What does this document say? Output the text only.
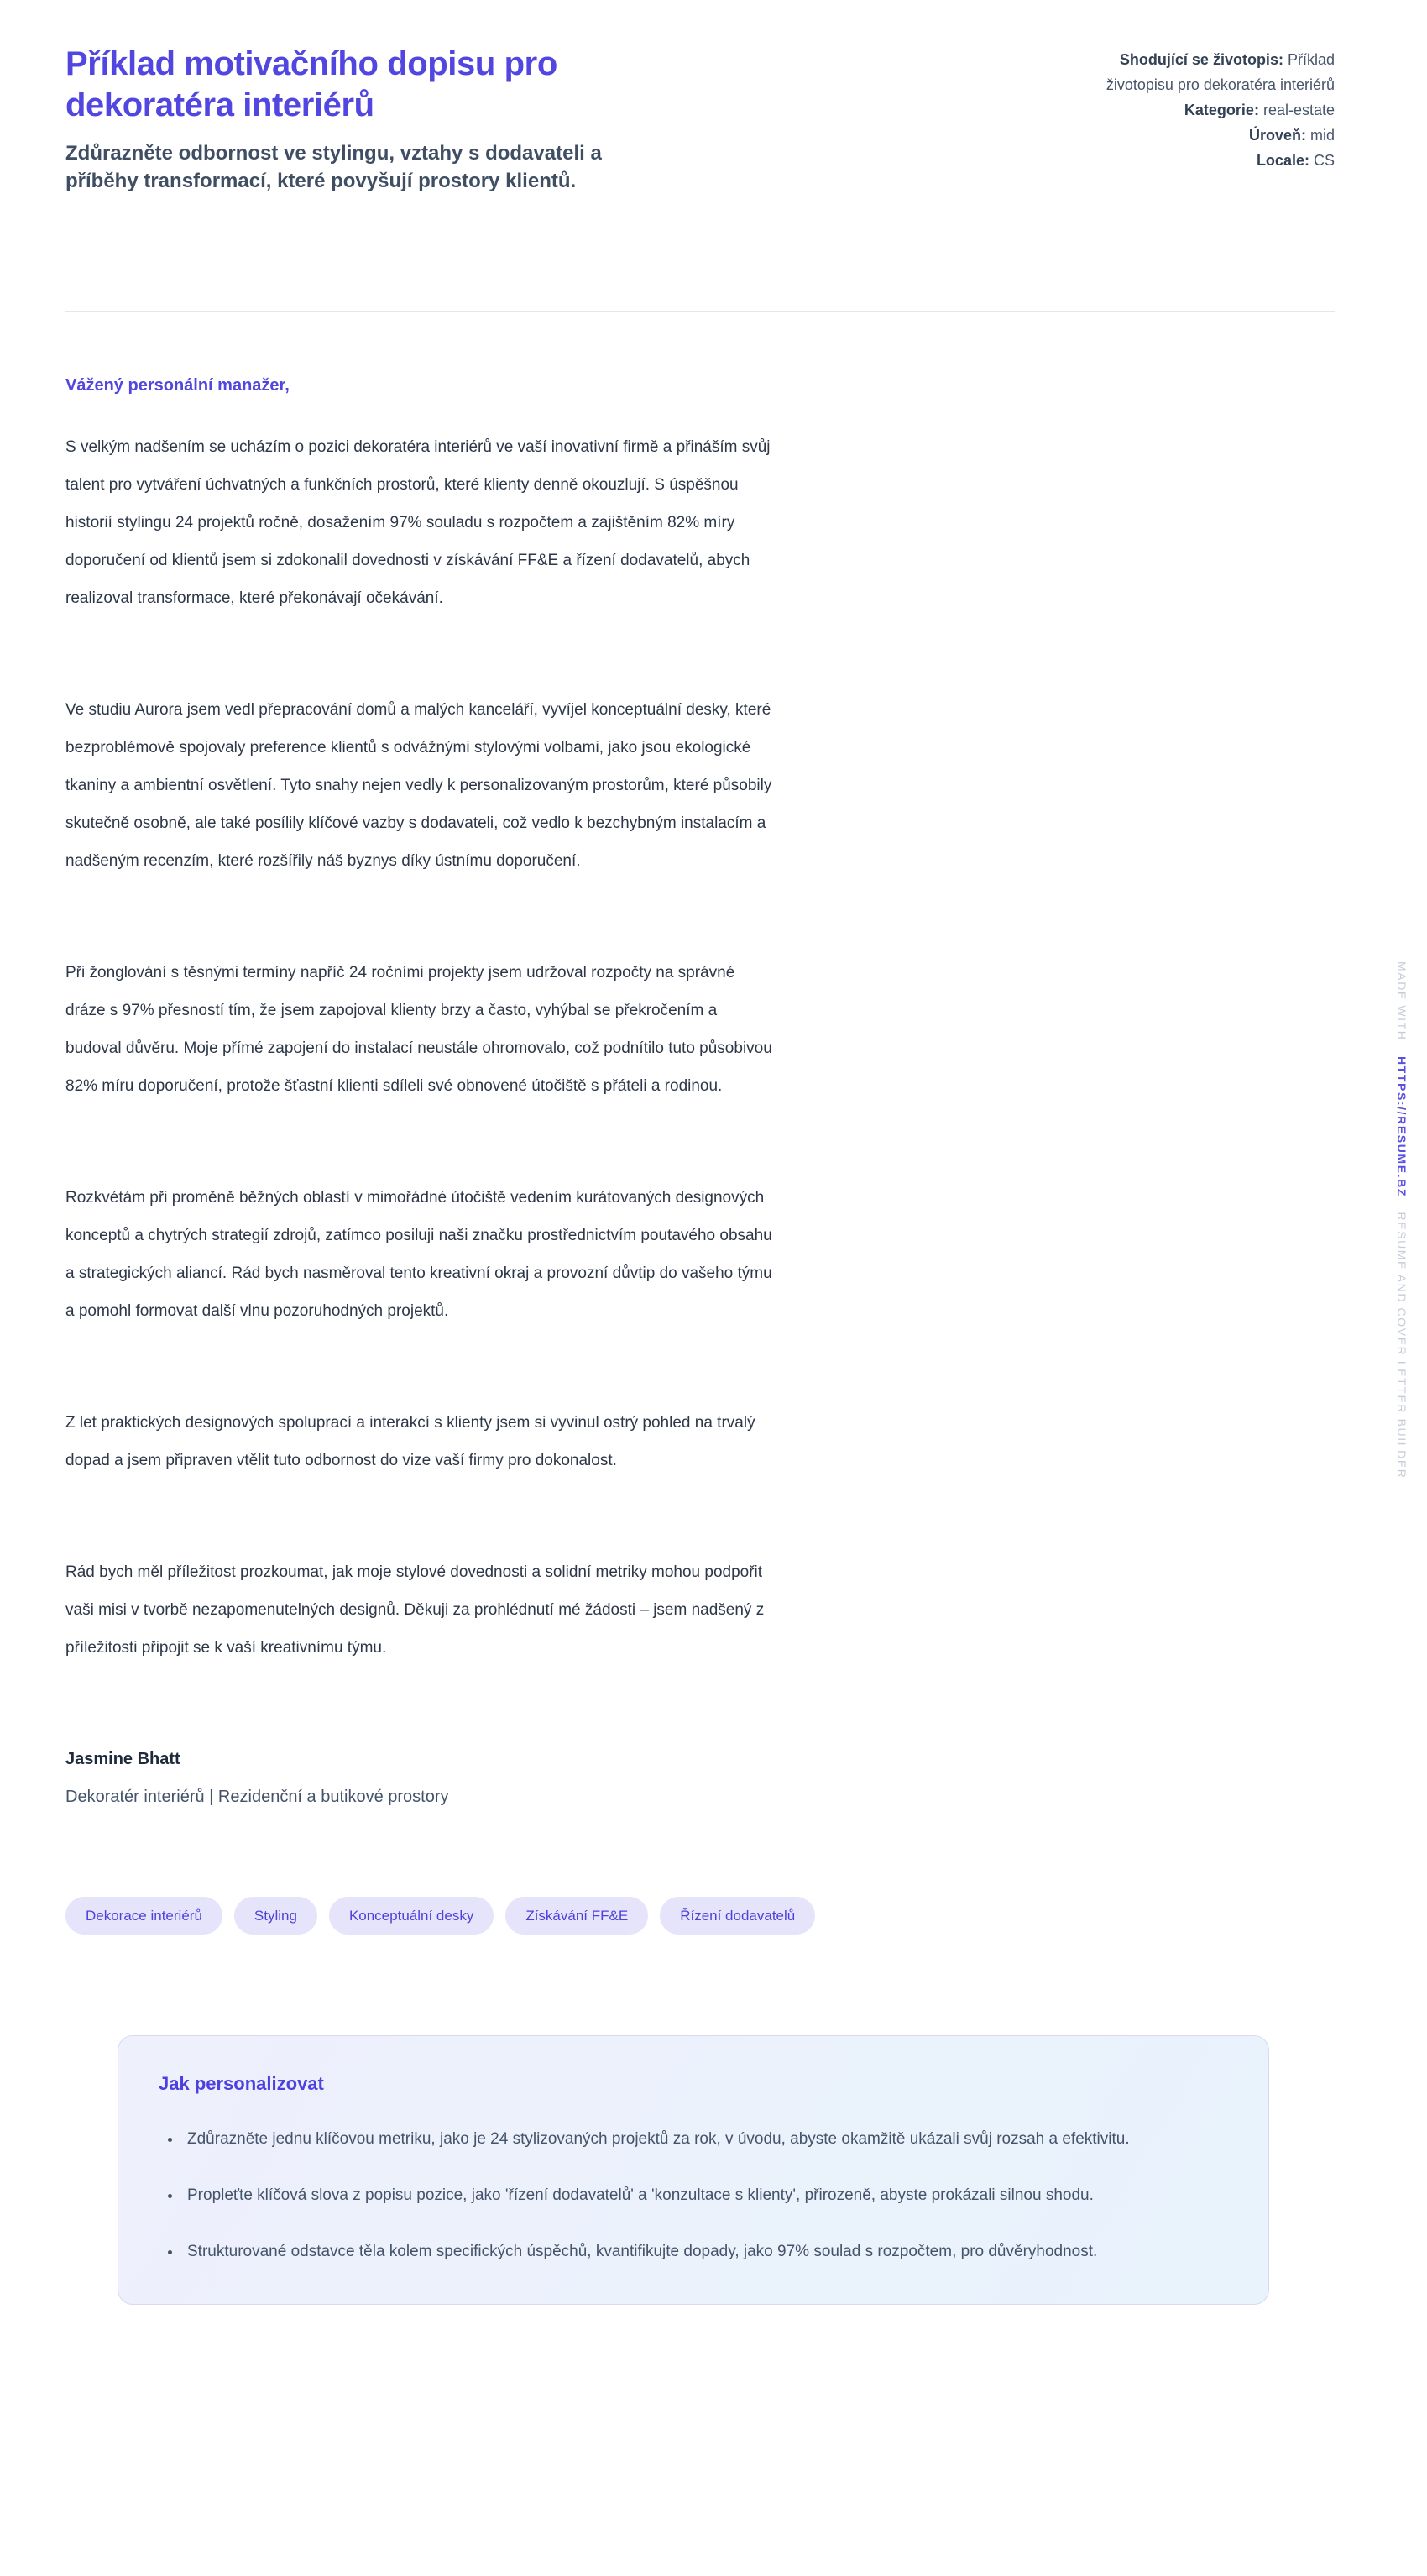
Příklad motivačního dopisu pro dekoratéra interiérů

Zdůrazněte odbornost ve stylingu, vztahy s dodavateli a příběhy transformací, které povyšují prostory klientů.

Shodující se životopis: Příklad životopisu pro dekoratéra interiérů
Kategorie: real-estate
Úroveň: mid
Locale: CS

Vážený personální manažer,

S velkým nadšením se ucházím o pozici dekoratéra interiérů ve vaší inovativní firmě a přináším svůj talent pro vytváření úchvatných a funkčních prostorů, které klienty denně okouzlují. S úspěšnou historií stylingu 24 projektů ročně, dosažením 97% souladu s rozpočtem a zajištěním 82% míry doporučení od klientů jsem si zdokonalil dovednosti v získávání FF&E a řízení dodavatelů, abych realizoval transformace, které překonávají očekávání.

Ve studiu Aurora jsem vedl přepracování domů a malých kanceláří, vyvíjel konceptuální desky, které bezproblémově spojovaly preference klientů s odvážnými stylovými volbami, jako jsou ekologické tkaniny a ambientní osvětlení. Tyto snahy nejen vedly k personalizovaným prostorům, které působily skutečně osobně, ale také posílily klíčové vazby s dodavateli, což vedlo k bezchybným instalacím a nadšeným recenzím, které rozšířily náš byznys díky ústnímu doporučení.

Při žonglování s těsnými termíny napříč 24 ročními projekty jsem udržoval rozpočty na správné dráze s 97% přesností tím, že jsem zapojoval klienty brzy a často, vyhýbal se překročením a budoval důvěru. Moje přímé zapojení do instalací neustále ohromovalo, což podnítilo tuto působivou 82% míru doporučení, protože šťastní klienti sdíleli své obnovené útočiště s přáteli a rodinou.

Rozkvétám při proměně běžných oblastí v mimořádné útočiště vedením kurátovaných designových konceptů a chytrých strategií zdrojů, zatímco posiluji naši značku prostřednictvím poutavého obsahu a strategických aliancí. Rád bych nasměroval tento kreativní okraj a provozní důvtip do vašeho týmu a pomohl formovat další vlnu pozoruhodných projektů.

Z let praktických designových spoluprací a interakcí s klienty jsem si vyvinul ostrý pohled na trvalý dopad a jsem připraven vtělit tuto odbornost do vize vaší firmy pro dokonalost.

Rád bych měl příležitost prozkoumat, jak moje stylové dovednosti a solidní metriky mohou podpořit vaši misi v tvorbě nezapomenutelných designů. Děkuji za prohlédnutí mé žádosti – jsem nadšený z příležitosti připojit se k vaší kreativnímu týmu.

Jasmine Bhatt
Dekoratér interiérů | Rezidenční a butikové prostory
Dekorace interiérů	Styling	Konceptuální desky	Získávání FF&E	Řízení dodavatelů
Jak personalizovat
• Zdůrazněte jednu klíčovou metriku, jako je 24 stylizovaných projektů za rok, v úvodu, abyste okamžitě ukázali svůj rozsah a efektivitu.
• Propleťte klíčová slova z popisu pozice, jako 'řízení dodavatelů' a 'konzultace s klienty', přirozeně, abyste prokázali silnou shodu.
• Strukturované odstavce těla kolem specifických úspěchů, kvantifikujte dopady, jako 97% soulad s rozpočtem, pro důvěryhodnost.
MADE WITHHTTPS://RESUME.BZRESUME AND COVER LETTER BUILDER
